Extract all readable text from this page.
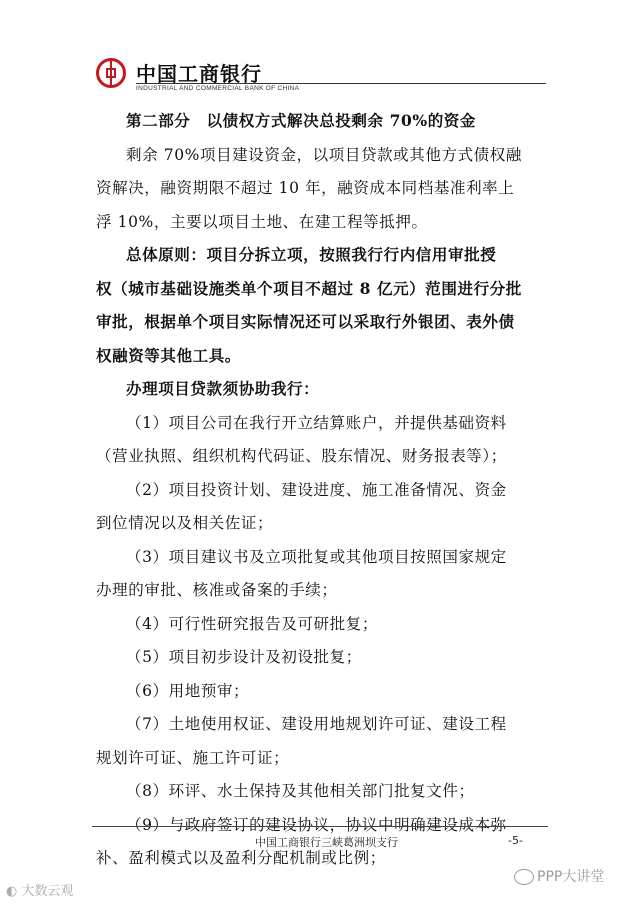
中国工商银行
INDUSTRIAL AND COMMERCIAL BANK OF CHINA
第二部分　以债权方式解决总投剩余 70%的资金
剩余 70%项目建设资金，以项目贷款或其他方式债权融
资解决，融资期限不超过 10 年，融资成本同档基准利率上
浮 10%，主要以项目土地、在建工程等抵押。
总体原则：项目分拆立项，按照我行行内信用审批授
权（城市基础设施类单个项目不超过 8 亿元）范围进行分批
审批，根据单个项目实际情况还可以采取行外银团、表外债
权融资等其他工具。
办理项目贷款须协助我行：
（1）项目公司在我行开立结算账户，并提供基础资料
（营业执照、组织机构代码证、股东情况、财务报表等）；
（2）项目投资计划、建设进度、施工准备情况、资金
到位情况以及相关佐证；
（3）项目建议书及立项批复或其他项目按照国家规定
办理的审批、核准或备案的手续；
（4）可行性研究报告及可研批复；
（5）项目初步设计及初设批复；
（6）用地预审；
（7）土地使用权证、建设用地规划许可证、建设工程
规划许可证、施工许可证；
（8）环评、水土保持及其他相关部门批复文件；
（9）与政府签订的建设协议，协议中明确建设成本弥
补、盈利模式以及盈利分配机制或比例；
中国工商银行三峡葛洲坝支行	-5-
◐ 大数云观
PPP大讲堂
